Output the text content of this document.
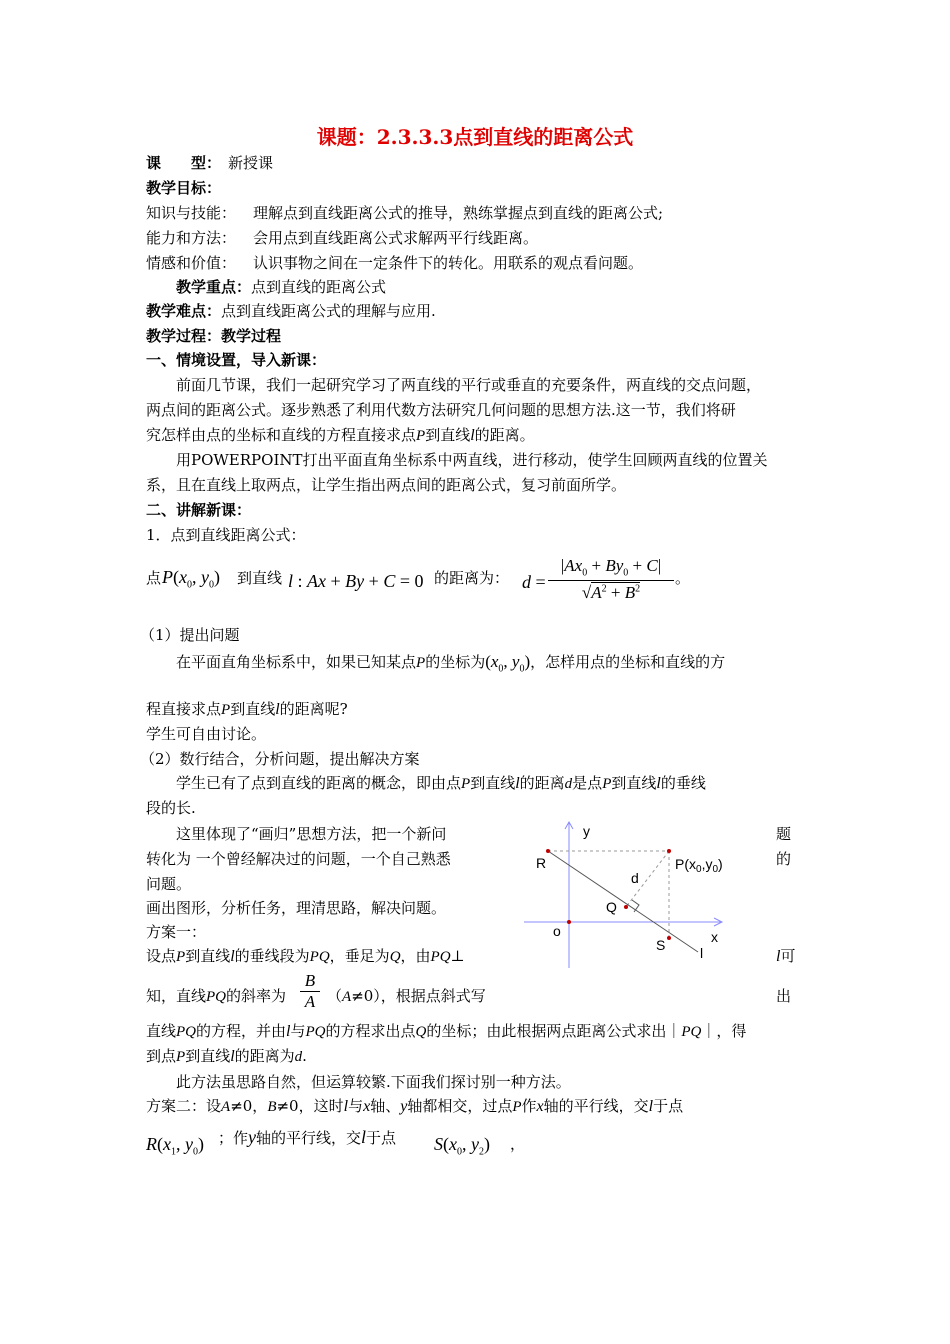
课题：2.3.3.3点到直线的距离公式
课　　型： 新授课
教学目标：
知识与技能： 理解点到直线距离公式的推导，熟练掌握点到直线的距离公式;
能力和方法： 会用点到直线距离公式求解两平行线距离。
情感和价值： 认识事物之间在一定条件下的转化。用联系的观点看问题。
教学重点：点到直线的距离公式
教学难点：点到直线距离公式的理解与应用.
教学过程：教学过程
一、情境设置，导入新课：
前面几节课，我们一起研究学习了两直线的平行或垂直的充要条件，两直线的交点问题，
两点间的距离公式。逐步熟悉了利用代数方法研究几何问题的思想方法.这一节，我们将研
究怎样由点的坐标和直线的方程直接求点P到直线l的距离。
用POWERPOINT打出平面直角坐标系中两直线，进行移动，使学生回顾两直线的位置关
系，且在直线上取两点，让学生指出两点间的距离公式，复习前面所学。
二、讲解新课：
1．点到直线距离公式：
点 $P(x_0$, $y_0$) 到直线 l : Ax + By + C = 0 的距离为： $d = \frac{|Ax_0 + By_0 + C|}{√A^2 + B^2}$ 。
（1）提出问题
在平面直角坐标系中，如果已知某点P的坐标为($x_0$, $y_0$)，怎样用点的坐标和直线的方
程直接求点P到直线l的距离呢?
学生可自由讨论。
（2）数行结合，分析问题，提出解决方案
学生已有了点到直线的距离的概念，即由点P到直线l的距离d是点P到直线l的垂线
段的长.
这里体现了“画归”思想方法，把一个新问	题
转化为 一个曾经解决过的问题，一个自己熟悉	的
问题。
画出图形，分析任务，理清思路，解决问题。
方案一：
设点P到直线l的垂线段为PQ，垂足为Q，由PQ⊥	l可
知，直线PQ的斜率为 $\frac{B}{A} (A\ne 0)$，根据点斜式写	出
直线PQ的方程，并由l与PQ的方程求出点Q的坐标；由此根据两点距离公式求出｜PQ｜，得
到点P到直线l的距离为d.
此方法虽思路自然，但运算较繁.下面我们探讨别一种方法。
方案二：设A≠0，B≠0，这时l与x轴、y轴都相交，过点P作x轴的平行线，交l于点
$R(x_1$, $y_0$) ；作y轴的平行线，交l于点 $S(x_0$, $y_2$) ，
y
R	$P(x_0,y_0)$
d
Q
o
S	x
l
